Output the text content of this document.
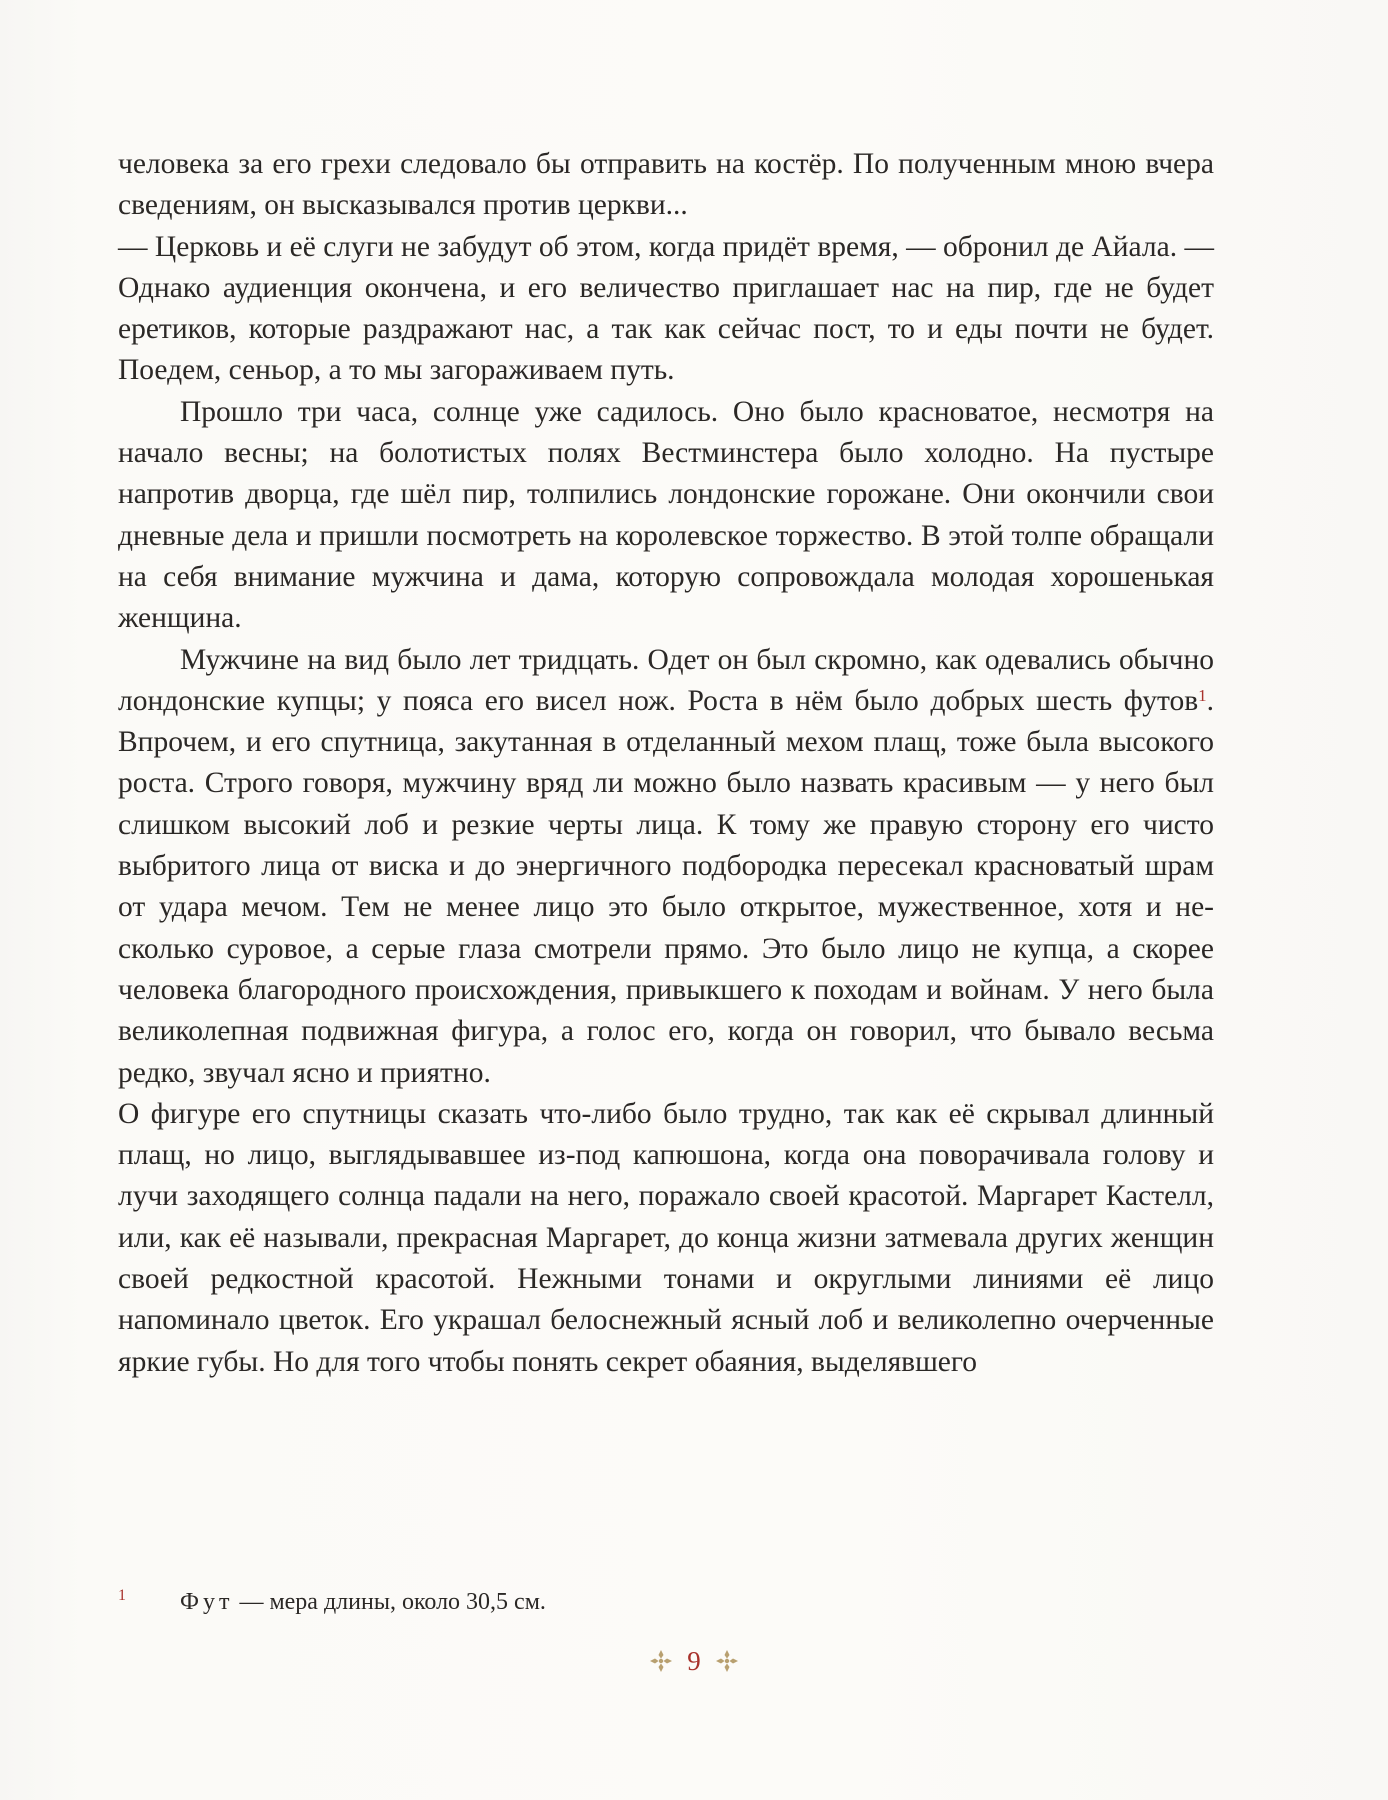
человека за его грехи следовало бы отправить на костёр. По полученным мною вчера сведениям, он высказывался против церкви...

— Церковь и её слуги не забудут об этом, когда придёт время, — обронил де Айала. — Однако аудиенция окончена, и его величество приглашает нас на пир, где не будет еретиков, которые раздражают нас, а так как сейчас пост, то и еды почти не будет. Поедем, сеньор, а то мы загораживаем путь.

Прошло три часа, солнце уже садилось. Оно было красноватое, несмотря на начало весны; на болотистых полях Вестминстера было холодно. На пустыре напротив дворца, где шёл пир, толпились лондонские горожане. Они окончили свои дневные дела и пришли посмотреть на королевское торжество. В этой толпе обращали на себя внимание мужчина и дама, которую сопровождала молодая хорошенькая женщина.

Мужчине на вид было лет тридцать. Одет он был скромно, как одевались обычно лондонские купцы; у пояса его висел нож. Роста в нём было добрых шесть футов$^1$. Впрочем, и его спутница, закутанная в отделанный мехом плащ, тоже была высокого роста. Строго говоря, мужчину вряд ли можно было назвать красивым — у него был слишком высокий лоб и резкие черты лица. К тому же правую сторону его чисто выбритого лица от виска и до энергичного подбородка пересекал красноватый шрам от удара мечом. Тем не менее лицо это было открытое, мужественное, хотя и несколько суровое, а серые глаза смотрели прямо. Это было лицо не купца, а скорее человека благородного происхождения, привыкшего к походам и войнам. У него была великолепная подвижная фигура, а голос его, когда он говорил, что бывало весьма редко, звучал ясно и приятно.

О фигуре его спутницы сказать что-либо было трудно, так как её скрывал длинный плащ, но лицо, выглядывавшее из-под капюшона, когда она поворачивала голову и лучи заходящего солнца падали на него, поражало своей красотой. Маргарет Кастелл, или, как её называли, прекрасная Маргарет, до конца жизни затмевала других женщин своей редкостной красотой. Нежными тонами и округлыми линиями её лицо напоминало цветок. Его украшал белоснежный ясный лоб и великолепно очерченные яркие губы. Но для того чтобы понять секрет обаяния, выделявшего

1	Фут — мера длины, около 30,5 см.
9
